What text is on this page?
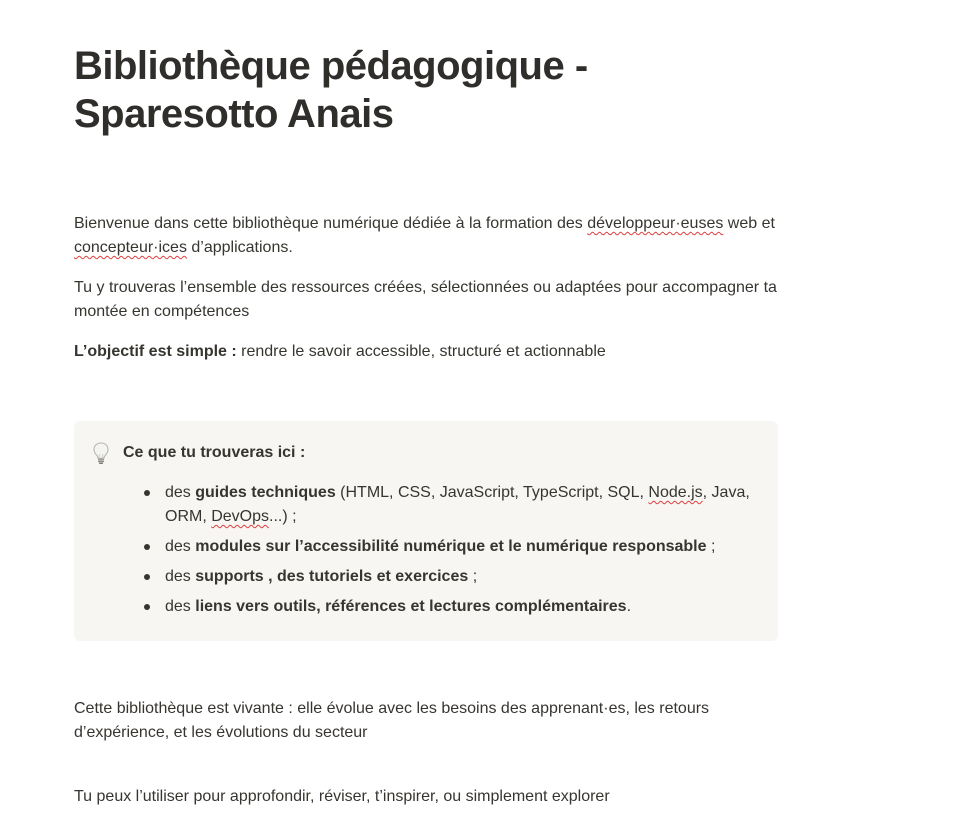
Bibliothèque pédagogique - Sparesotto Anais

Bienvenue dans cette bibliothèque numérique dédiée à la formation des développeur·euses web et concepteur·ices d’applications.

Tu y trouveras l’ensemble des ressources créées, sélectionnées ou adaptées pour accompagner ta montée en compétences

L’objectif est simple : rendre le savoir accessible, structuré et actionnable

Ce que tu trouveras ici :
des guides techniques (HTML, CSS, JavaScript, TypeScript, SQL, Node.js, Java, ORM, DevOps...) ;
des modules sur l’accessibilité numérique et le numérique responsable ;
des supports , des tutoriels et exercices ;
des liens vers outils, références et lectures complémentaires.

Cette bibliothèque est vivante : elle évolue avec les besoins des apprenant·es, les retours d’expérience, et les évolutions du secteur

Tu peux l’utiliser pour approfondir, réviser, t’inspirer, ou simplement explorer
